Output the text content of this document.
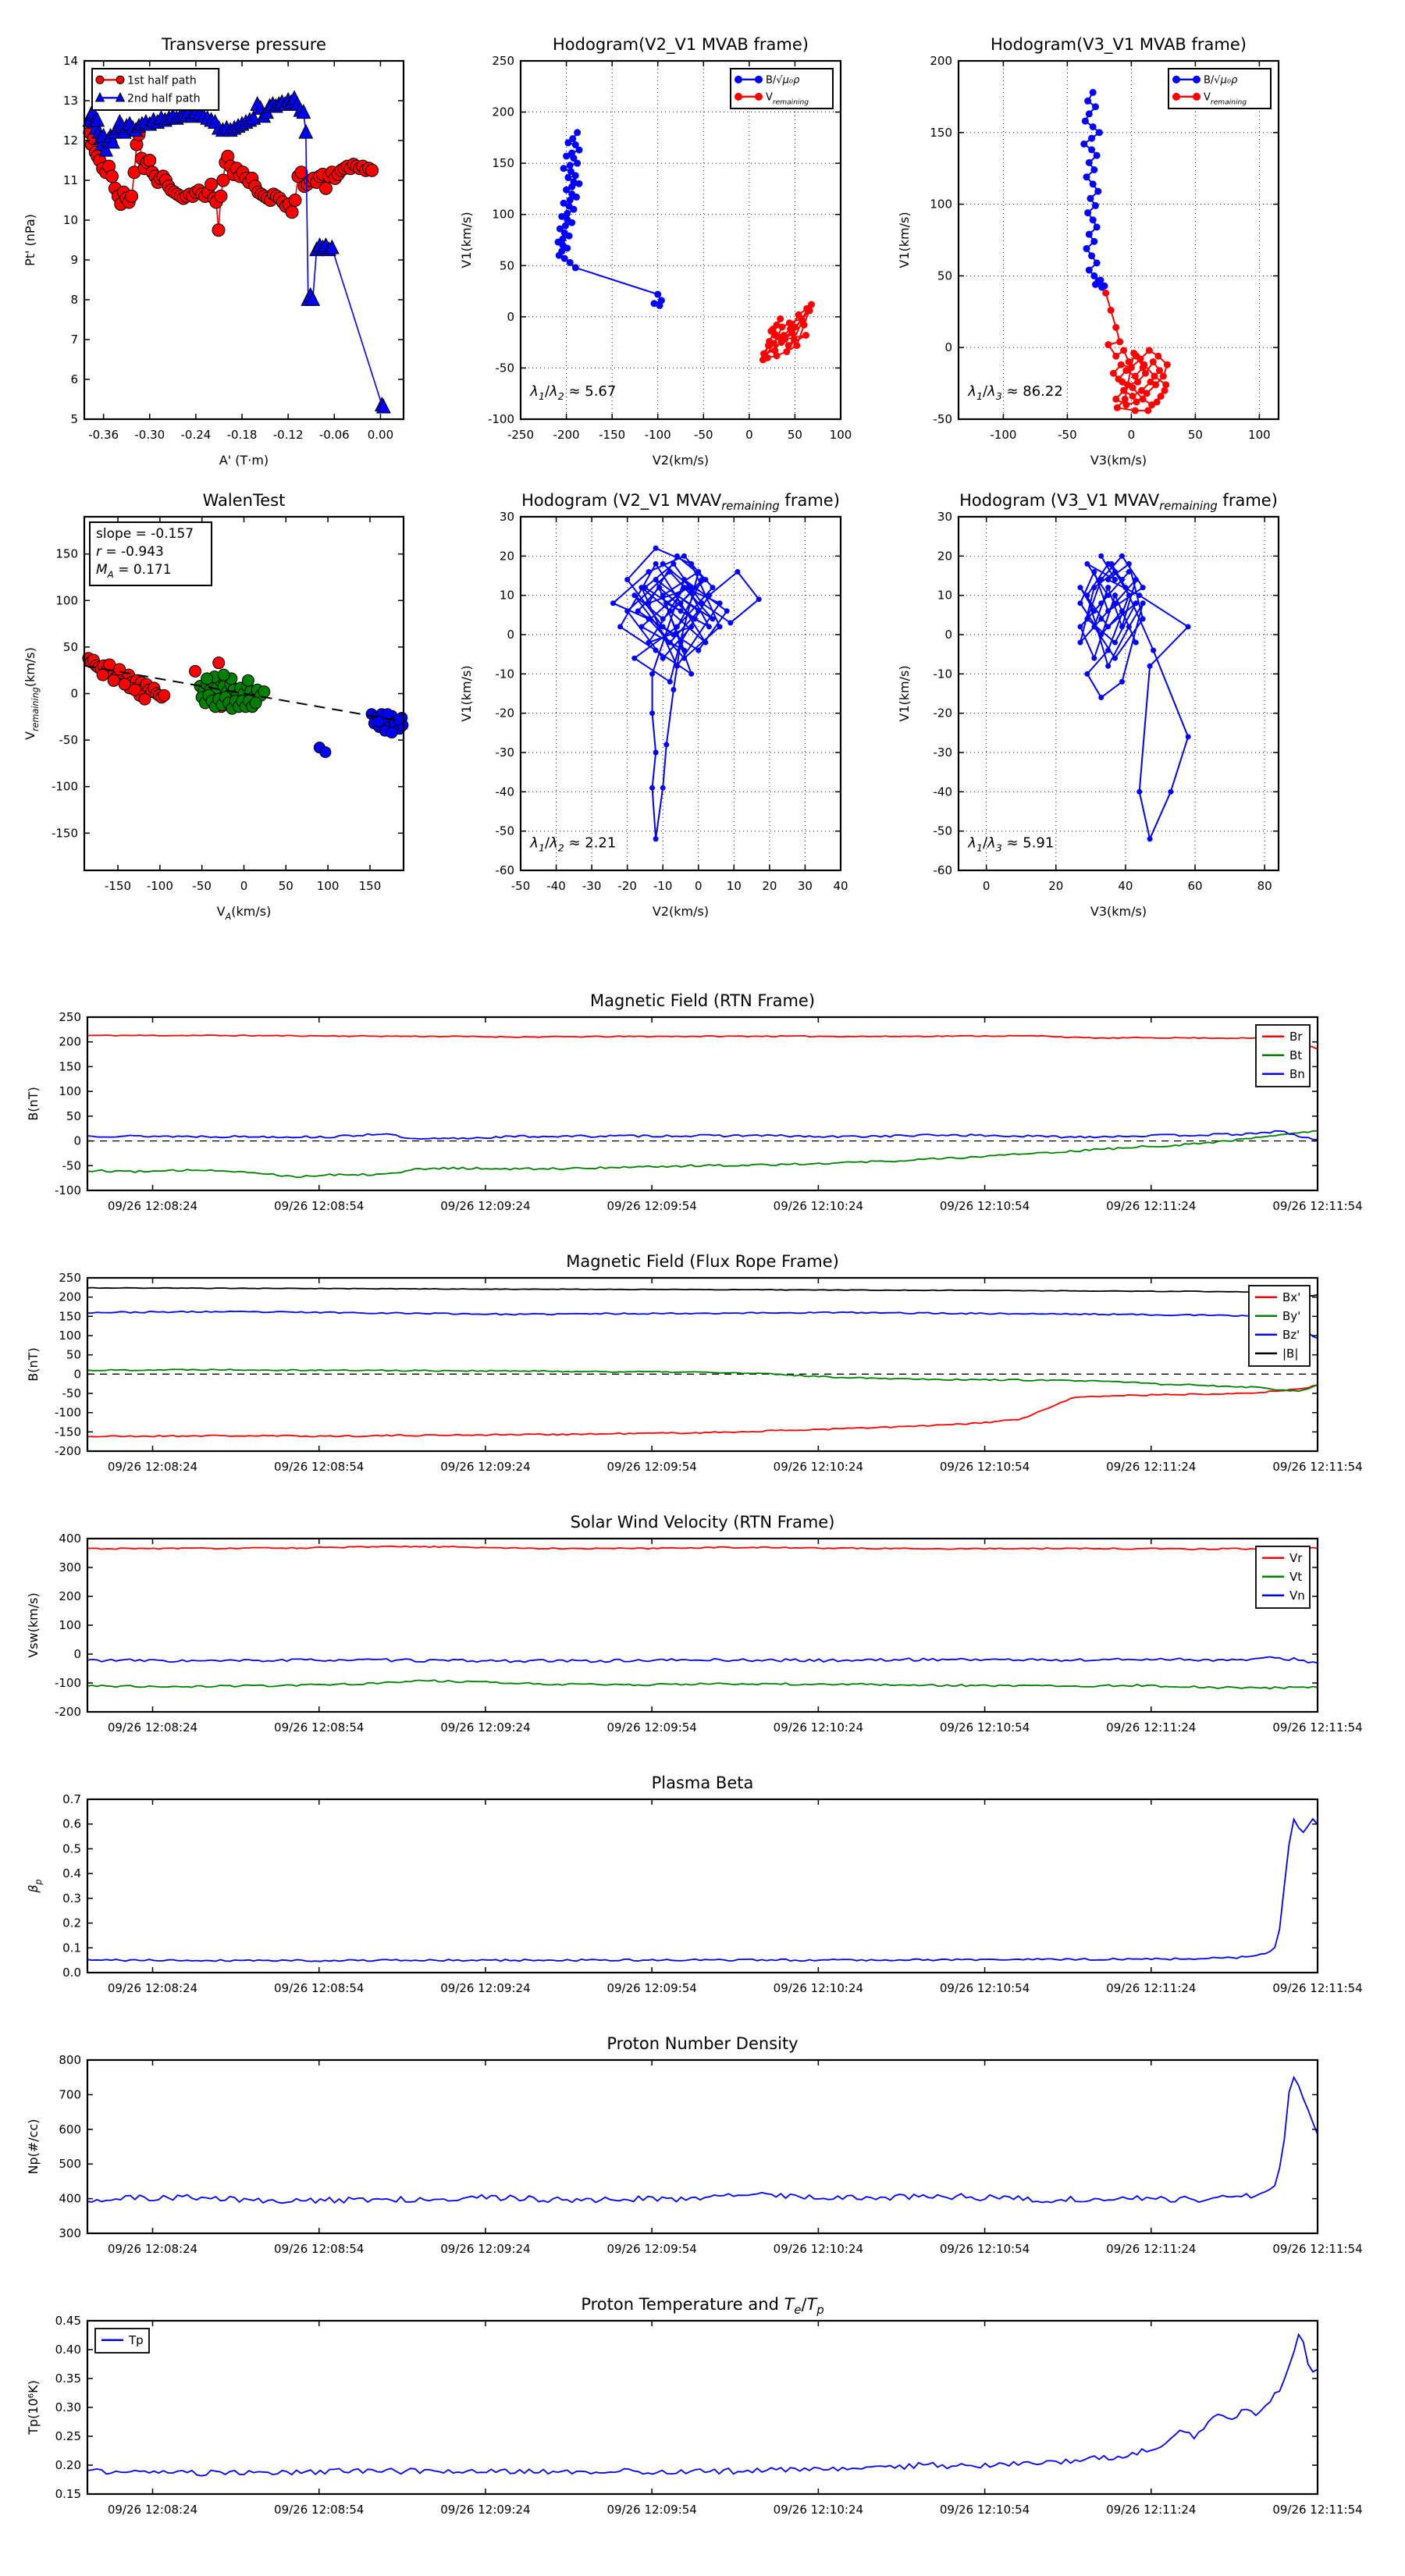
-0.36 -0.30 -0.24 -0.18 -0.12 -0.06 0.00
5
6
7
8
9
10
11
12
13
14
Transverse pressure
A' (T·m)
Pt' (nPa)
1st half path
2nd half path
-250 -200 -150 -100 -50	0	50 100
-100
-50
0
50
100
150
200
250
Hodogram(V2_V1 MVAB frame)
V2(km/s)
V1(km/s)
$\lambda_1/\lambda_2 \approx 5.67$
B/√μ₀ρ
$V_{remaining}$
-100	-50	0	50	100
-50
0
50
100
150
200
Hodogram(V3_V1 MVAB frame)
V3(km/s)
V1(km/s)
$\lambda_1/\lambda_3 \approx 86.22$
B/√μ₀ρ
$V_{remaining}$
-150 -100 -50 0	50 100 150
-150
-100
-50
0
50
100
150
WalenTest
$V_A(km/s)$
$V_{remaining}(km/s)$
slope = -0.157
r = -0.943
$M_A = 0.171$
-50 -40 -30 -20 -10 0 10 20 30 40
-60
-50
-40
-30
-20
-10
0
10
20
30
Hodogram (V2_V1 $MVAV_{remaining}$ frame)
V2(km/s)
V1(km/s)
$\lambda_1/\lambda_2 \approx 2.21$
0	20	40	60	80
-60
-50
-40
-30
-20
-10
0
10
20
30
Hodogram (V3_V1 $MVAV_{remaining}$ frame)
V3(km/s)
V1(km/s)
$\lambda_1/\lambda_3 \approx 5.91$
09/26 12:08:24	09/26 12:08:54	09/26 12:09:24	09/26 12:09:54	09/26 12:10:24	09/26 12:10:54	09/26 12:11:24	09/26 12:11:54
-100
-50
0
50
100
150
200
250
Magnetic Field (RTN Frame)
B(nT)
Br
Bt
Bn
09/26 12:08:24	09/26 12:08:54	09/26 12:09:24	09/26 12:09:54	09/26 12:10:24	09/26 12:10:54	09/26 12:11:24	09/26 12:11:54
-200
-150
-100
-50
0
50
100
150
200
250
Magnetic Field (Flux Rope Frame)
B(nT)
Bx'
By'
Bz'
|B|
09/26 12:08:24	09/26 12:08:54	09/26 12:09:24	09/26 12:09:54	09/26 12:10:24	09/26 12:10:54	09/26 12:11:24	09/26 12:11:54
-200
-100
0
100
200
300
400
Solar Wind Velocity (RTN Frame)
Vsw(km/s)
Vr
Vt
Vn
09/26 12:08:24	09/26 12:08:54	09/26 12:09:24	09/26 12:09:54	09/26 12:10:24	09/26 12:10:54	09/26 12:11:24	09/26 12:11:54
0.0
0.1
0.2
0.3
0.4
0.5
0.6
0.7
Plasma Beta
$\beta_p$
09/26 12:08:24	09/26 12:08:54	09/26 12:09:24	09/26 12:09:54	09/26 12:10:24	09/26 12:10:54	09/26 12:11:24	09/26 12:11:54
300
400
500
600
700
800
Proton Number Density
Np(#/cc)
09/26 12:08:24	09/26 12:08:54	09/26 12:09:24	09/26 12:09:54	09/26 12:10:24	09/26 12:10:54	09/26 12:11:24	09/26 12:11:54
0.15
0.20
0.25
0.30
0.35
0.40
0.45
Proton Temperature and $T_e/T_p$
Tp(10⁶K)
Tp
